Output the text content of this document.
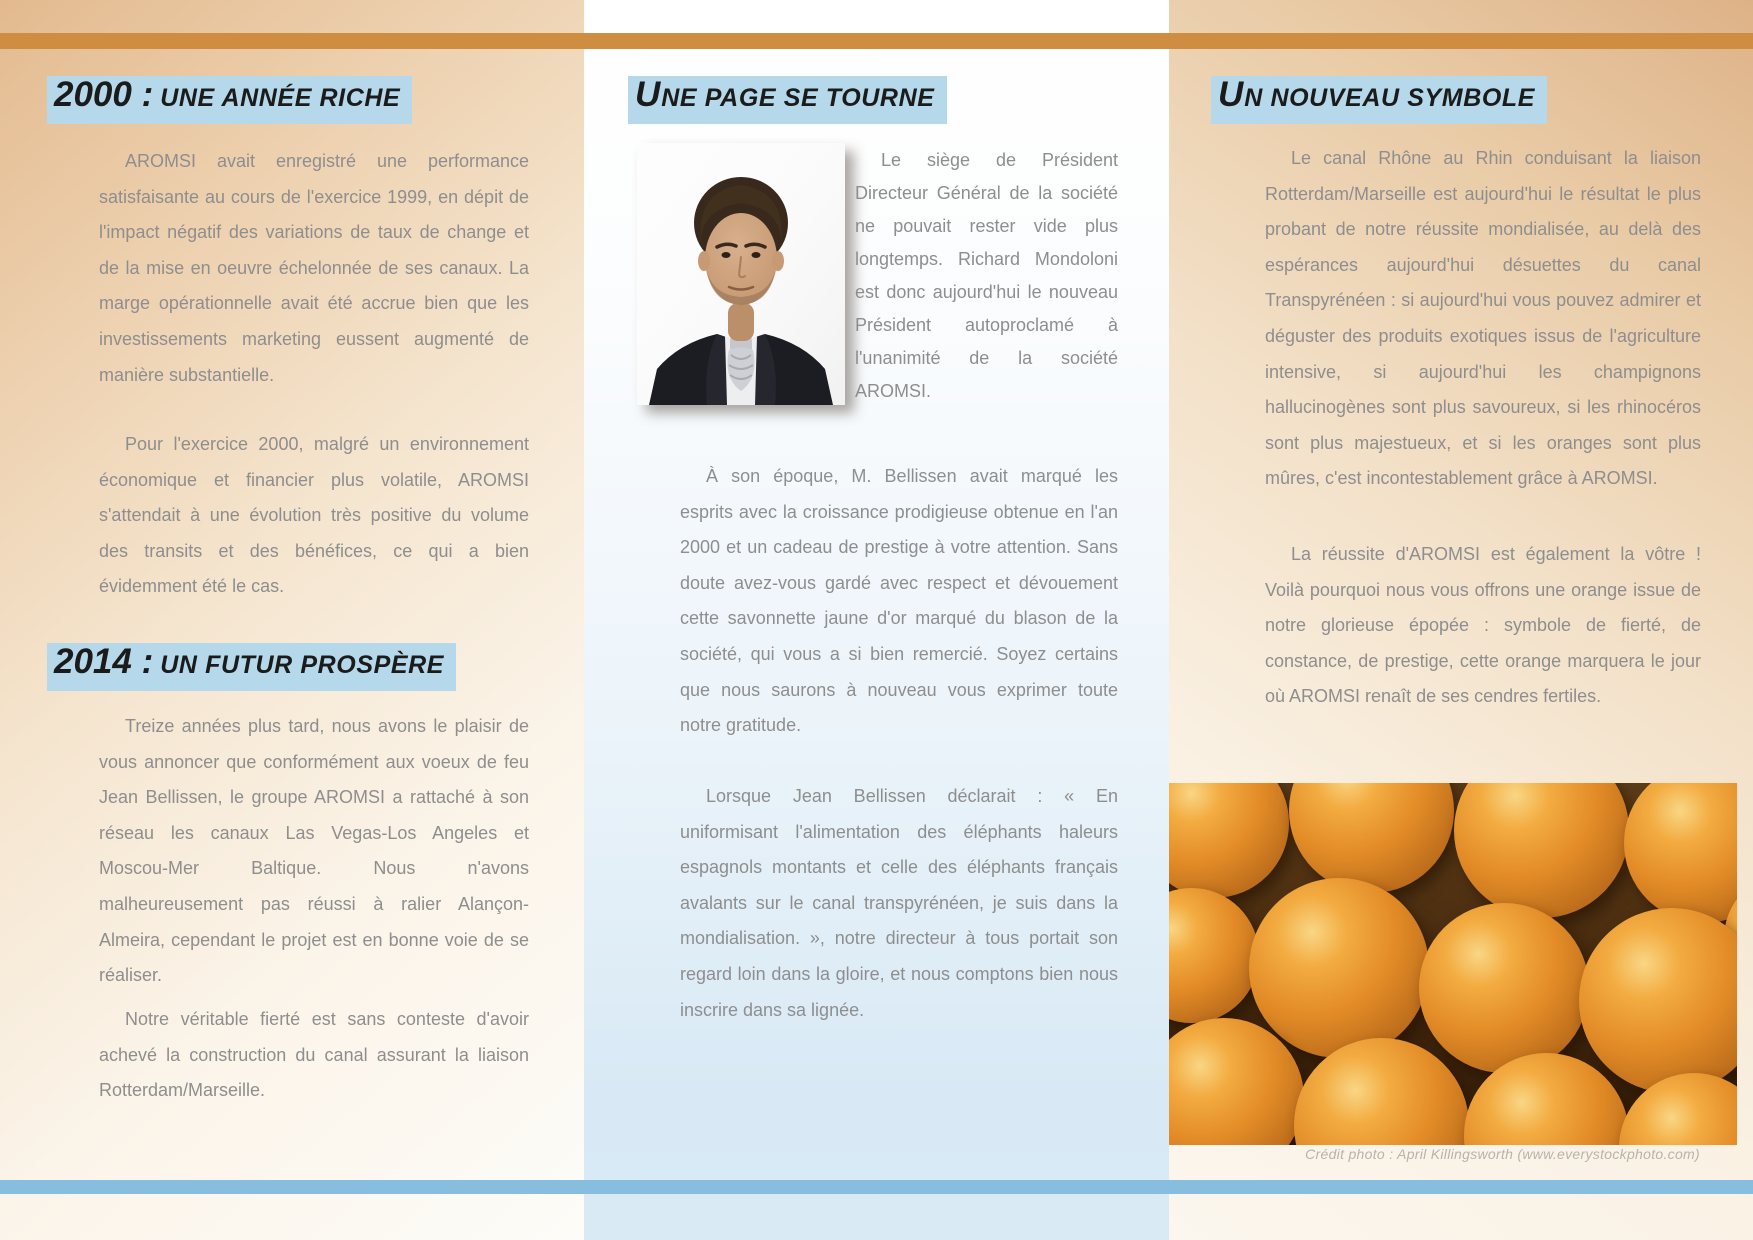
2000 : UNE ANNÉE RICHE
AROMSI avait enregistré une performance satisfaisante au cours de l'exercice 1999, en dépit de l'impact négatif des variations de taux de change et de la mise en oeuvre échelonnée de ses canaux. La marge opérationnelle avait été accrue bien que les investissements marketing eussent augmenté de manière substantielle.
Pour l'exercice 2000, malgré un environnement économique et financier plus volatile, AROMSI s'attendait à une évolution très positive du volume des transits et des bénéfices, ce qui a bien évidemment été le cas.
2014 : UN FUTUR PROSPÈRE
Treize années plus tard, nous avons le plaisir de vous annoncer que conformément aux voeux de feu Jean Bellissen, le groupe AROMSI a rattaché à son réseau les canaux Las Vegas-Los Angeles et Moscou-Mer Baltique. Nous n'avons malheureusement pas réussi à ralier Alançon-Almeira, cependant le projet est en bonne voie de se réaliser.
Notre véritable fierté est sans conteste d'avoir achevé la construction du canal assurant la liaison Rotterdam/Marseille.
UNE PAGE SE TOURNE
Le siège de Président Directeur Général de la société ne pouvait rester vide plus longtemps. Richard Mondoloni est donc aujourd'hui le nouveau Président autoproclamé à l'unanimité de la société AROMSI.
À son époque, M. Bellissen avait marqué les esprits avec la croissance prodigieuse obtenue en l'an 2000 et un cadeau de prestige à votre attention. Sans doute avez-vous gardé avec respect et dévouement cette savonnette jaune d'or marqué du blason de la société, qui vous a si bien remercié. Soyez certains que nous saurons à nouveau vous exprimer toute notre gratitude.
Lorsque Jean Bellissen déclarait : « En uniformisant l'alimentation des éléphants haleurs espagnols montants et celle des éléphants français avalants sur le canal transpyrénéen, je suis dans la mondialisation. », notre directeur à tous portait son regard loin dans la gloire, et nous comptons bien nous inscrire dans sa lignée.
UN NOUVEAU SYMBOLE
Le canal Rhône au Rhin conduisant la liaison Rotterdam/Marseille est aujourd'hui le résultat le plus probant de notre réussite mondialisée, au delà des espérances aujourd'hui désuettes du canal Transpyrénéen : si aujourd'hui vous pouvez admirer et déguster des produits exotiques issus de l'agriculture intensive, si aujourd'hui les champignons hallucinogènes sont plus savoureux, si les rhinocéros sont plus majestueux, et si les oranges sont plus mûres, c'est incontestablement grâce à AROMSI.
La réussite d'AROMSI est également la vôtre ! Voilà pourquoi nous vous offrons une orange issue de notre glorieuse épopée : symbole de fierté, de constance, de prestige, cette orange marquera le jour où AROMSI renaît de ses cendres fertiles.
Crédit photo : April Killingsworth (www.everystockphoto.com)
